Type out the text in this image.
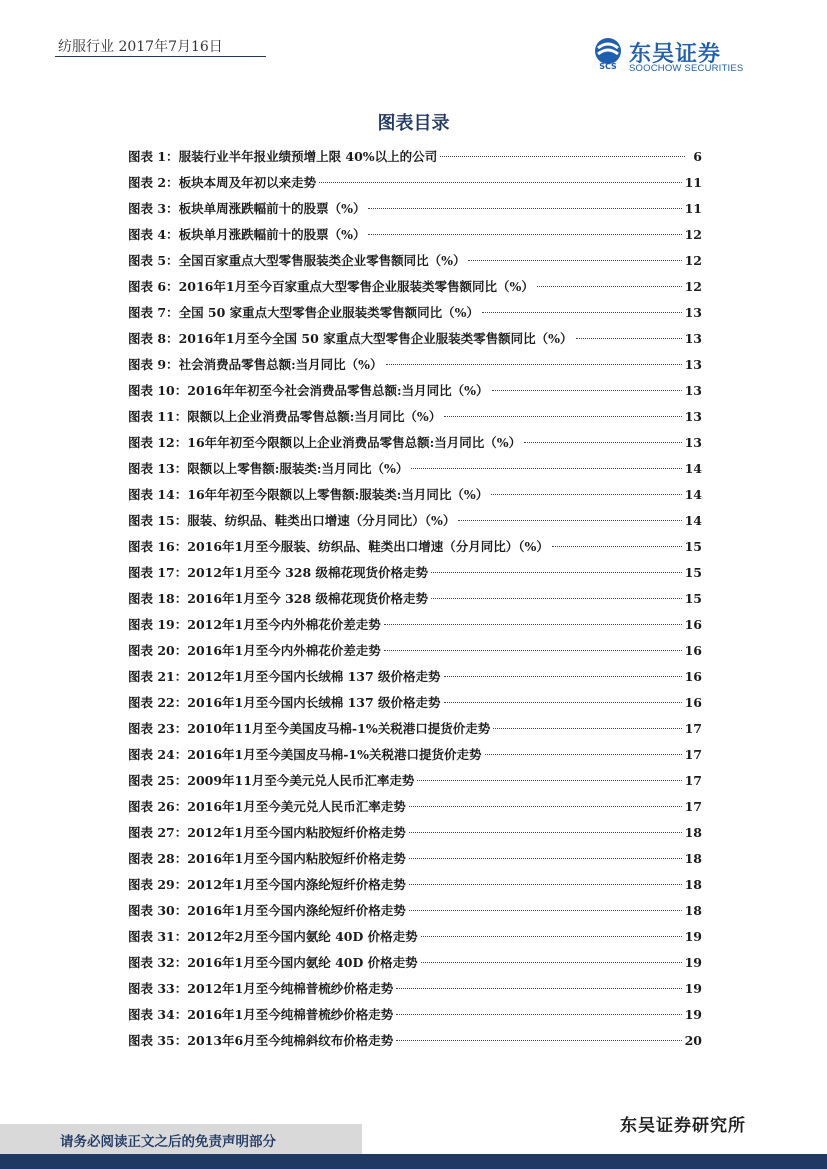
纺服行业 2017年7月16日
SCS 东吴证券
SOOCHOW SECURITIES
图表目录
图表 1： 服装行业半年报业绩预增上限 40%以上的公司	6
图表 2： 板块本周及年初以来走势	11
图表 3： 板块单周涨跌幅前十的股票（%）	11
图表 4： 板块单月涨跌幅前十的股票（%）	12
图表 5： 全国百家重点大型零售服装类企业零售额同比（%）	12
图表 6： 2016年1月至今百家重点大型零售企业服装类零售额同比（%）	12
图表 7： 全国 50 家重点大型零售企业服装类零售额同比（%）	13
图表 8： 2016年1月至今全国 50 家重点大型零售企业服装类零售额同比（%）	13
图表 9： 社会消费品零售总额:当月同比（%）	13
图表 10： 2016年年初至今社会消费品零售总额:当月同比（%）	13
图表 11： 限额以上企业消费品零售总额:当月同比（%）	13
图表 12： 16年年初至今限额以上企业消费品零售总额:当月同比（%）	13
图表 13： 限额以上零售额:服装类:当月同比（%）	14
图表 14： 16年年初至今限额以上零售额:服装类:当月同比（%）	14
图表 15： 服装、纺织品、鞋类出口增速（分月同比）（%）	14
图表 16： 2016年1月至今服装、纺织品、鞋类出口增速（分月同比）（%）	15
图表 17： 2012年1月至今 328 级棉花现货价格走势	15
图表 18： 2016年1月至今 328 级棉花现货价格走势	15
图表 19： 2012年1月至今内外棉花价差走势	16
图表 20： 2016年1月至今内外棉花价差走势	16
图表 21： 2012年1月至今国内长绒棉 137 级价格走势	16
图表 22： 2016年1月至今国内长绒棉 137 级价格走势	16
图表 23： 2010年11月至今美国皮马棉-1%关税港口提货价走势	17
图表 24： 2016年1月至今美国皮马棉-1%关税港口提货价走势	17
图表 25： 2009年11月至今美元兑人民币汇率走势	17
图表 26： 2016年1月至今美元兑人民币汇率走势	17
图表 27： 2012年1月至今国内粘胶短纤价格走势	18
图表 28： 2016年1月至今国内粘胶短纤价格走势	18
图表 29： 2012年1月至今国内涤纶短纤价格走势	18
图表 30： 2016年1月至今国内涤纶短纤价格走势	18
图表 31： 2012年2月至今国内氨纶 40D 价格走势	19
图表 32： 2016年1月至今国内氨纶 40D 价格走势	19
图表 33： 2012年1月至今纯棉普梳纱价格走势	19
图表 34： 2016年1月至今纯棉普梳纱价格走势	19
图表 35： 2013年6月至今纯棉斜纹布价格走势	20
请务必阅读正文之后的免责声明部分
东吴证券研究所
